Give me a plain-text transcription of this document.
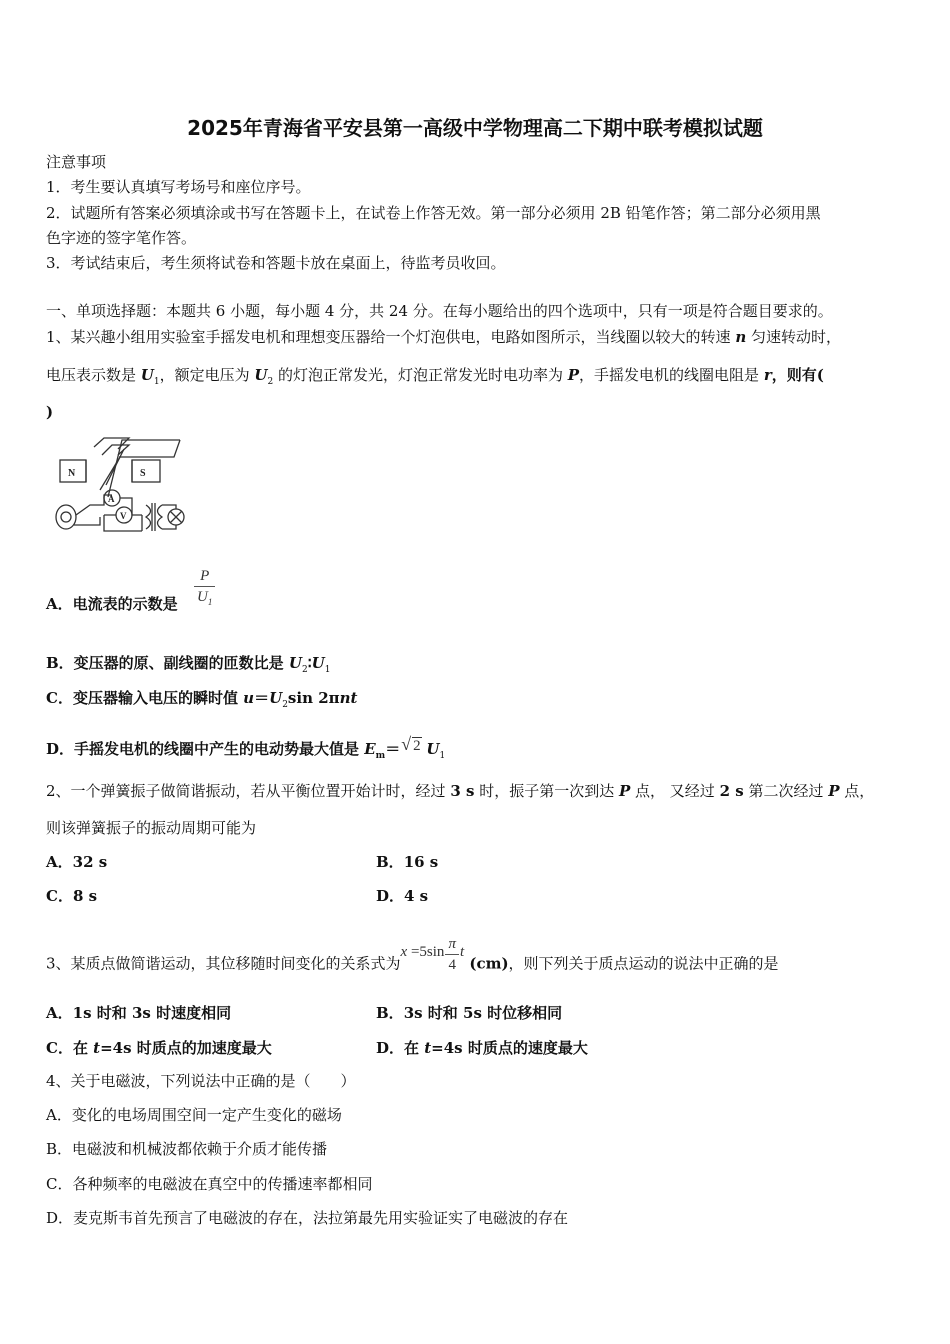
2025年青海省平安县第一高级中学物理高二下期中联考模拟试题
注意事项
1．考生要认真填写考场号和座位序号。
2．试题所有答案必须填涂或书写在答题卡上，在试卷上作答无效。第一部分必须用 2B 铅笔作答；第二部分必须用黑
色字迹的签字笔作答。
3．考试结束后，考生须将试卷和答题卡放在桌面上，待监考员收回。
一、单项选择题：本题共 6 小题，每小题 4 分，共 24 分。在每小题给出的四个选项中，只有一项是符合题目要求的。
1、某兴趣小组用实验室手摇发电机和理想变压器给一个灯泡供电，电路如图所示，当线圈以较大的转速 n 匀速转动时，
电压表示数是 $U_1$，额定电压为 $U_2$ 的灯泡正常发光，灯泡正常发光时电功率为 P，手摇发电机的线圈电阻是 r，则有(
)
N	S
A
V
A．电流表的示数是 $\frac{P}{U_1}$
B．变压器的原、副线圈的匝数比是 $U_2∶U_1$
C．变压器输入电压的瞬时值 $u=U_2\sin$ 2πnt
D．手摇发电机的线圈中产生的电动势最大值是 $E_m=√$ 2 $U_1$
2、一个弹簧振子做简谐振动，若从平衡位置开始计时，经过 3 s 时，振子第一次到达 P 点， 又经过 2 s 第二次经过 P 点，
则该弹簧振子的振动周期可能为
A．32 s	B．16 s
C．8 s	D．4 s
3、某质点做简谐运动，其位移随时间变化的关系式为$x =5\sin \frac{\pi}{4}$ t (cm)，则下列关于质点运动的说法中正确的是
A．1s 时和 3s 时速度相同	B．3s 时和 5s 时位移相同
C．在 t=4s 时质点的加速度最大	D．在 t=4s 时质点的速度最大
4、关于电磁波，下列说法中正确的是（　　）
A．变化的电场周围空间一定产生变化的磁场
B．电磁波和机械波都依赖于介质才能传播
C．各种频率的电磁波在真空中的传播速率都相同
D．麦克斯韦首先预言了电磁波的存在，法拉第最先用实验证实了电磁波的存在
